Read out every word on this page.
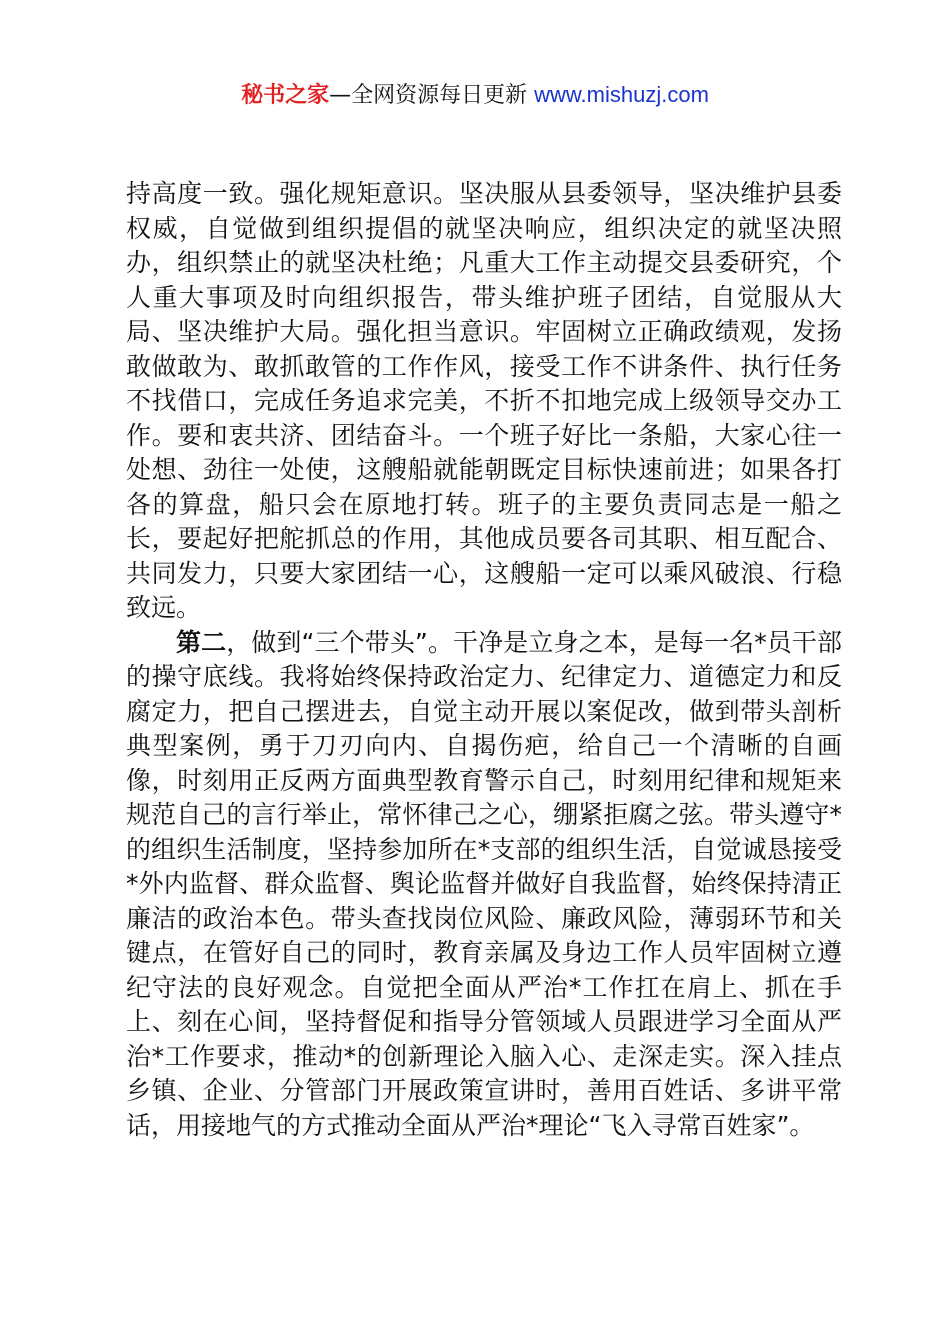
秘书之家—全网资源每日更新 www.mishuzj.com

持高度一致。强化规矩意识。坚决服从县委领导，坚决维护县委权威，自觉做到组织提倡的就坚决响应，组织决定的就坚决照办，组织禁止的就坚决杜绝；凡重大工作主动提交县委研究，个人重大事项及时向组织报告，带头维护班子团结，自觉服从大局、坚决维护大局。强化担当意识。牢固树立正确政绩观，发扬敢做敢为、敢抓敢管的工作作风，接受工作不讲条件、执行任务不找借口，完成任务追求完美，不折不扣地完成上级领导交办工作。要和衷共济、团结奋斗。一个班子好比一条船，大家心往一处想、劲往一处使，这艘船就能朝既定目标快速前进；如果各打各的算盘，船只会在原地打转。班子的主要负责同志是一船之长，要起好把舵抓总的作用，其他成员要各司其职、相互配合、共同发力，只要大家团结一心，这艘船一定可以乘风破浪、行稳致远。

第二，做到“三个带头”。干净是立身之本，是每一名*员干部的操守底线。我将始终保持政治定力、纪律定力、道德定力和反腐定力，把自己摆进去，自觉主动开展以案促改，做到带头剖析典型案例，勇于刀刃向内、自揭伤疤，给自己一个清晰的自画像，时刻用正反两方面典型教育警示自己，时刻用纪律和规矩来规范自己的言行举止，常怀律己之心，绷紧拒腐之弦。带头遵守*的组织生活制度，坚持参加所在*支部的组织生活，自觉诚恳接受*外内监督、群众监督、舆论监督并做好自我监督，始终保持清正廉洁的政治本色。带头查找岗位风险、廉政风险，薄弱环节和关键点，在管好自己的同时，教育亲属及身边工作人员牢固树立遵纪守法的良好观念。自觉把全面从严治*工作扛在肩上、抓在手上、刻在心间，坚持督促和指导分管领域人员跟进学习全面从严治*工作要求，推动*的创新理论入脑入心、走深走实。深入挂点乡镇、企业、分管部门开展政策宣讲时，善用百姓话、多讲平常话，用接地气的方式推动全面从严治*理论“飞入寻常百姓家”。
